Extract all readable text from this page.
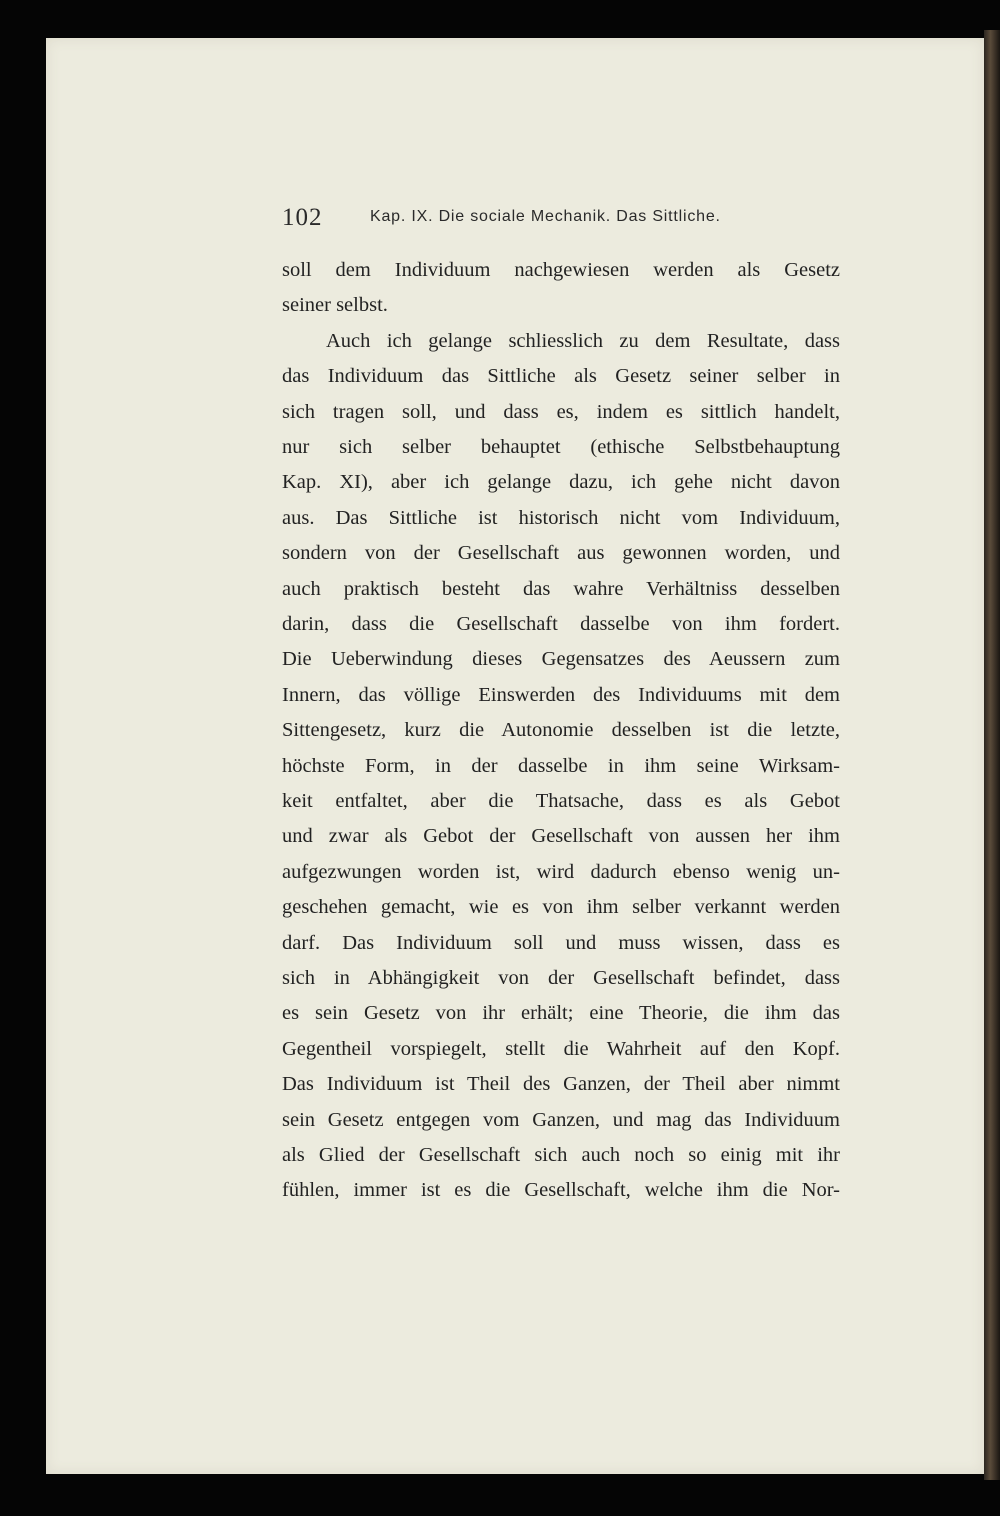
102	Kap. IX. Die sociale Mechanik. Das Sittliche.
soll dem Individuum nachgewiesen werden als Gesetz
seiner selbst.
Auch ich gelange schliesslich zu dem Resultate, dass
das Individuum das Sittliche als Gesetz seiner selber in
sich tragen soll, und dass es, indem es sittlich handelt,
nur sich selber behauptet (ethische Selbstbehauptung
Kap. XI), aber ich gelange dazu, ich gehe nicht davon
aus. Das Sittliche ist historisch nicht vom Individuum,
sondern von der Gesellschaft aus gewonnen worden, und
auch praktisch besteht das wahre Verhältniss desselben
darin, dass die Gesellschaft dasselbe von ihm fordert.
Die Ueberwindung dieses Gegensatzes des Aeussern zum
Innern, das völlige Einswerden des Individuums mit dem
Sittengesetz, kurz die Autonomie desselben ist die letzte,
höchste Form, in der dasselbe in ihm seine Wirksam-
keit entfaltet, aber die Thatsache, dass es als Gebot
und zwar als Gebot der Gesellschaft von aussen her ihm
aufgezwungen worden ist, wird dadurch ebenso wenig un-
geschehen gemacht, wie es von ihm selber verkannt werden
darf. Das Individuum soll und muss wissen, dass es
sich in Abhängigkeit von der Gesellschaft befindet, dass
es sein Gesetz von ihr erhält; eine Theorie, die ihm das
Gegentheil vorspiegelt, stellt die Wahrheit auf den Kopf.
Das Individuum ist Theil des Ganzen, der Theil aber nimmt
sein Gesetz entgegen vom Ganzen, und mag das Individuum
als Glied der Gesellschaft sich auch noch so einig mit ihr
fühlen, immer ist es die Gesellschaft, welche ihm die Nor-
